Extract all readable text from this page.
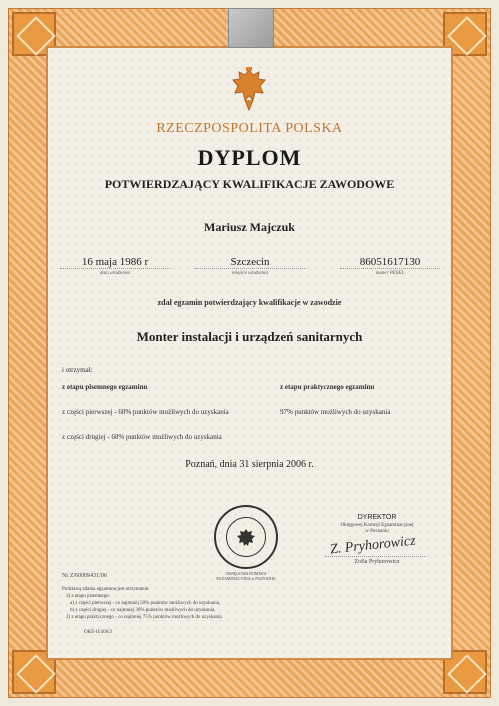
RZECZPOSPOLITA POLSKA
DYPLOM
POTWIERDZAJĄCY KWALIFIKACJE ZAWODOWE
Mariusz Majczuk
16 maja 1986 r
data urodzenia
Szczecin
miejsce urodzenia
86051617130
numer PESEL
zdał egzamin potwierdzający kwalifikacje w zawodzie
Monter instalacji i urządzeń sanitarnych
i otrzymał:
z etapu pisemnego egzaminu	z etapu praktycznego egzaminu
z części pierwszej - 60% punktów możliwych do uzyskania	97% punktów możliwych do uzyskania
z części drugiej - 60% punktów możliwych do uzyskania
Poznań, dnia 31 sierpnia 2006 r.
OKRĘGOWA KOMISJA EGZAMINACYJNA w POZNANIU
DYREKTOR
Okręgowej Komisji Egzaminacyjnej
w Poznaniu
Z. Pryhorowicz
Zofia Pryhorowicz
Nr Z/60009431/06
Podstawą zdania egzaminu jest otrzymanie:
1) z etapu pisemnego:
a) z części pierwszej - co najmniej 50% punktów możliwych do uzyskania,
b) z części drugiej - co najmniej 30% punktów możliwych do uzyskania,
2) z etapu praktycznego - co najmniej 75% punktów możliwych do uzyskania.
OKE-II/406/2
